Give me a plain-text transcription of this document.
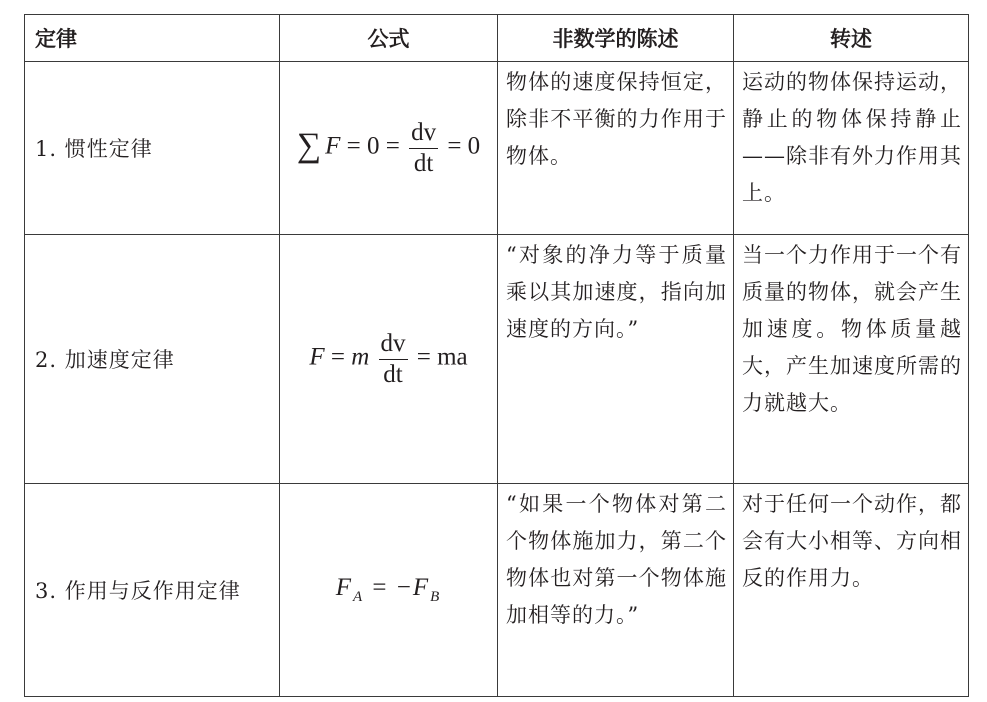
定律	公式	非数学的陈述	转述
1. 惯性定律	∑ $F = 0 = \frac{dv}{dt} = 0$	物体的速度保持恒定，除非不平衡的力作用于物体。	运动的物体保持运动，静止的物体保持静止——除非有外力作用其上。
2. 加速度定律	F = m $\frac{dv}{dt}$ = ma	“对象的净力等于质量乘以其加速度，指向加速度的方向。”	当一个力作用于一个有质量的物体，就会产生加速度。物体质量越大，产生加速度所需的力就越大。
3. 作用与反作用定律	$F_A = -F_B$	“如果一个物体对第二个物体施加力，第二个物体也对第一个物体施加相等的力。”	对于任何一个动作，都会有大小相等、方向相反的作用力。
